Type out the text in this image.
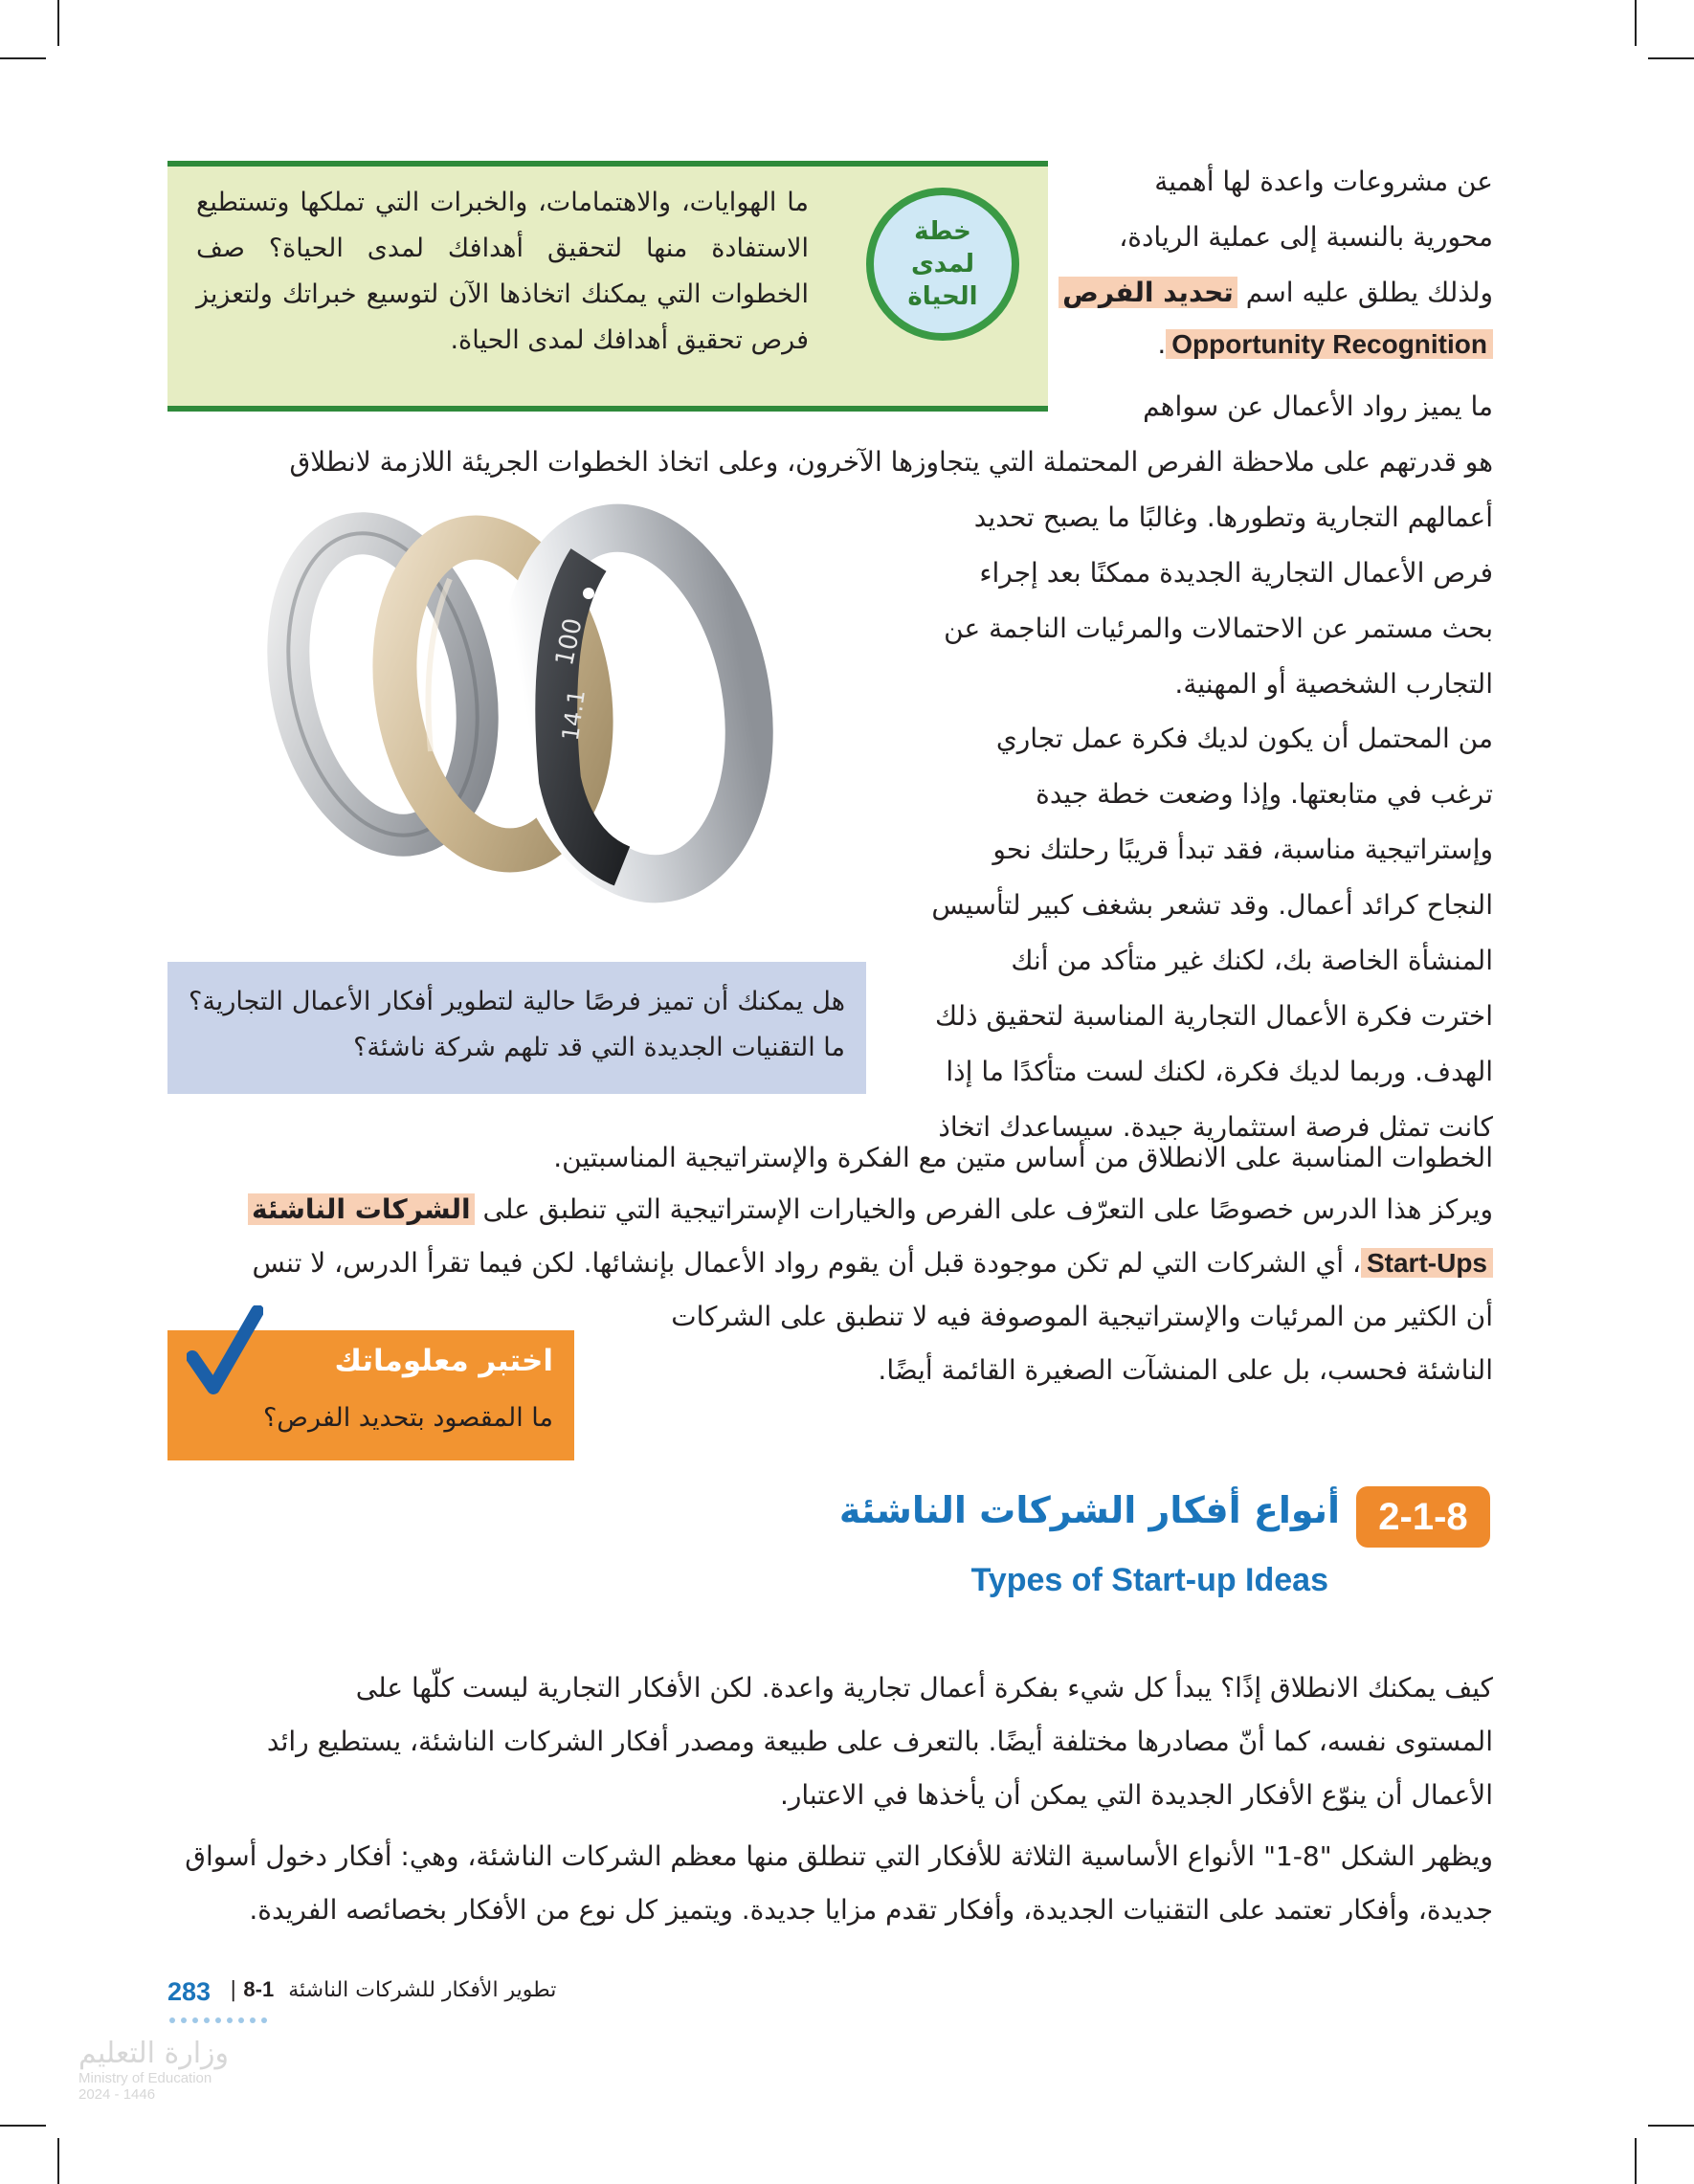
ما الهوايات، والاهتمامات، والخبرات التي تملكها وتستطيع الاستفادة منها لتحقيق أهدافك لمدى الحياة؟ صف الخطوات التي يمكنك اتخاذها الآن لتوسيع خبراتك ولتعزيز فرص تحقيق أهدافك لمدى الحياة.
خطة لمدى الحياة
عن مشروعات واعدة لها أهمية
محورية بالنسبة إلى عملية الريادة،
ولذلك يطلق عليه اسم تحديد الفرص
Opportunity Recognition.
ما يميز رواد الأعمال عن سواهم
هو قدرتهم على ملاحظة الفرص المحتملة التي يتجاوزها الآخرون، وعلى اتخاذ الخطوات الجريئة اللازمة لانطلاق
أعمالهم التجارية وتطورها. وغالبًا ما يصبح تحديد
فرص الأعمال التجارية الجديدة ممكنًا بعد إجراء
بحث مستمر عن الاحتمالات والمرئيات الناجمة عن
التجارب الشخصية أو المهنية.
100
14.1	من المحتمل أن يكون لديك فكرة عمل تجاري
ترغب في متابعتها. وإذا وضعت خطة جيدة
وإستراتيجية مناسبة، فقد تبدأ قريبًا رحلتك نحو
النجاح كرائد أعمال. وقد تشعر بشغف كبير لتأسيس
المنشأة الخاصة بك، لكنك غير متأكد من أنك
اخترت فكرة الأعمال التجارية المناسبة لتحقيق ذلك
الهدف. وربما لديك فكرة، لكنك لست متأكدًا ما إذا
كانت تمثل فرصة استثمارية جيدة. سيساعدك اتخاذ
الخطوات المناسبة على الانطلاق من أساس متين مع الفكرة والإستراتيجية المناسبتين.
هل يمكنك أن تميز فرصًا حالية لتطوير أفكار الأعمال التجارية؟ ما التقنيات الجديدة التي قد تلهم شركة ناشئة؟
ويركز هذا الدرس خصوصًا على التعرّف على الفرص والخيارات الإستراتيجية التي تنطبق على الشركات الناشئة
Start-Ups، أي الشركات التي لم تكن موجودة قبل أن يقوم رواد الأعمال بإنشائها. لكن فيما تقرأ الدرس، لا تنس
أن الكثير من المرئيات والإستراتيجية الموصوفة فيه لا تنطبق على الشركات
الناشئة فحسب، بل على المنشآت الصغيرة القائمة أيضًا.
اختبر معلوماتك
ما المقصود بتحديد الفرص؟
2-1-8
أنواع أفكار الشركات الناشئة
Types of Start-up Ideas
كيف يمكنك الانطلاق إذًا؟ يبدأ كل شيء بفكرة أعمال تجارية واعدة. لكن الأفكار التجارية ليست كلّها على
المستوى نفسه، كما أنّ مصادرها مختلفة أيضًا. بالتعرف على طبيعة ومصدر أفكار الشركات الناشئة، يستطيع رائد
الأعمال أن ينوّع الأفكار الجديدة التي يمكن أن يأخذها في الاعتبار.
ويظهر الشكل "8-1" الأنواع الأساسية الثلاثة للأفكار التي تنطلق منها معظم الشركات الناشئة، وهي: أفكار دخول أسواق
جديدة، وأفكار تعتمد على التقنيات الجديدة، وأفكار تقدم مزايا جديدة. ويتميز كل نوع من الأفكار بخصائصه الفريدة.
283	تطوير الأفكار للشركات الناشئة 1-8 |
وزارة التعليم
Ministry of Education
2024 - 1446
